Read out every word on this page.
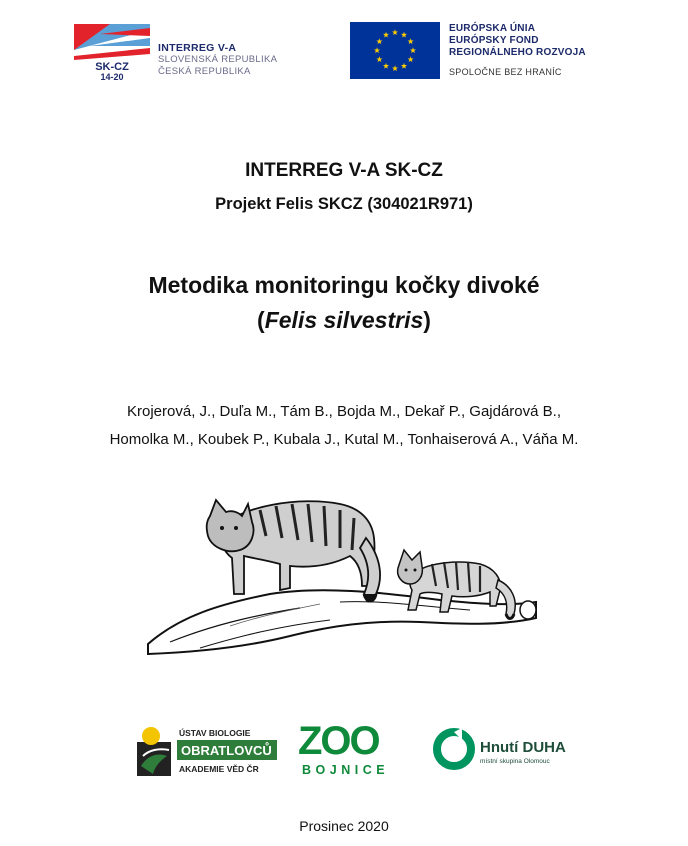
SK-CZ
14-20
INTERREG V-A
SLOVENSKÁ REPUBLIKA
ČESKÁ REPUBLIKA
EURÓPSKA ÚNIA
EURÓPSKY FOND
REGIONÁLNEHO ROZVOJA
SPOLOČNE BEZ HRANÍC
INTERREG V-A SK-CZ
Projekt Felis SKCZ (304021R971)
Metodika monitoringu kočky divoké
(Felis silvestris)
Krojerová, J., Duľa M., Tám B., Bojda M., Dekař P., Gajdárová B.,
Homolka M., Koubek P., Kubala J., Kutal M., Tonhaiserová A., Váňa M.
ÚSTAV BIOLOGIE
OBRATLOVCŮ
AKADEMIE VĚD ČR
ZOO
BOJNICE
Hnutí DUHA
místní skupina Olomouc
Prosinec 2020
